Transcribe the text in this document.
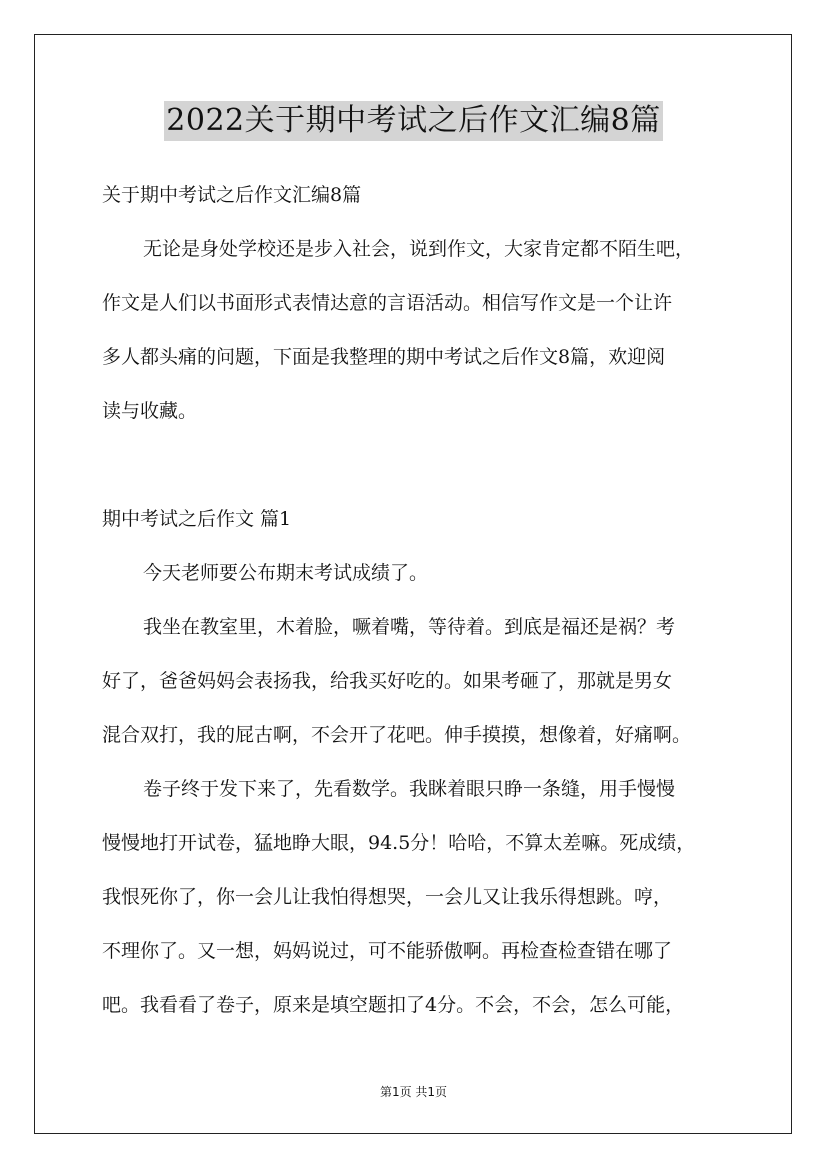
2022关于期中考试之后作文汇编8篇
关于期中考试之后作文汇编8篇
无论是身处学校还是步入社会，说到作文，大家肯定都不陌生吧，
作文是人们以书面形式表情达意的言语活动。相信写作文是一个让许
多人都头痛的问题，下面是我整理的期中考试之后作文8篇，欢迎阅
读与收藏。
期中考试之后作文 篇1
今天老师要公布期末考试成绩了。
我坐在教室里，木着脸，噘着嘴，等待着。到底是福还是祸？考
好了，爸爸妈妈会表扬我，给我买好吃的。如果考砸了，那就是男女
混合双打，我的屁古啊，不会开了花吧。伸手摸摸，想像着，好痛啊。
卷子终于发下来了，先看数学。我眯着眼只睁一条缝，用手慢慢
慢慢地打开试卷，猛地睁大眼，94.5分！哈哈，不算太差嘛。死成绩，
我恨死你了，你一会儿让我怕得想哭，一会儿又让我乐得想跳。哼，
不理你了。又一想，妈妈说过，可不能骄傲啊。再检查检查错在哪了
吧。我看看了卷子，原来是填空题扣了4分。不会，不会，怎么可能，
第1页 共1页
